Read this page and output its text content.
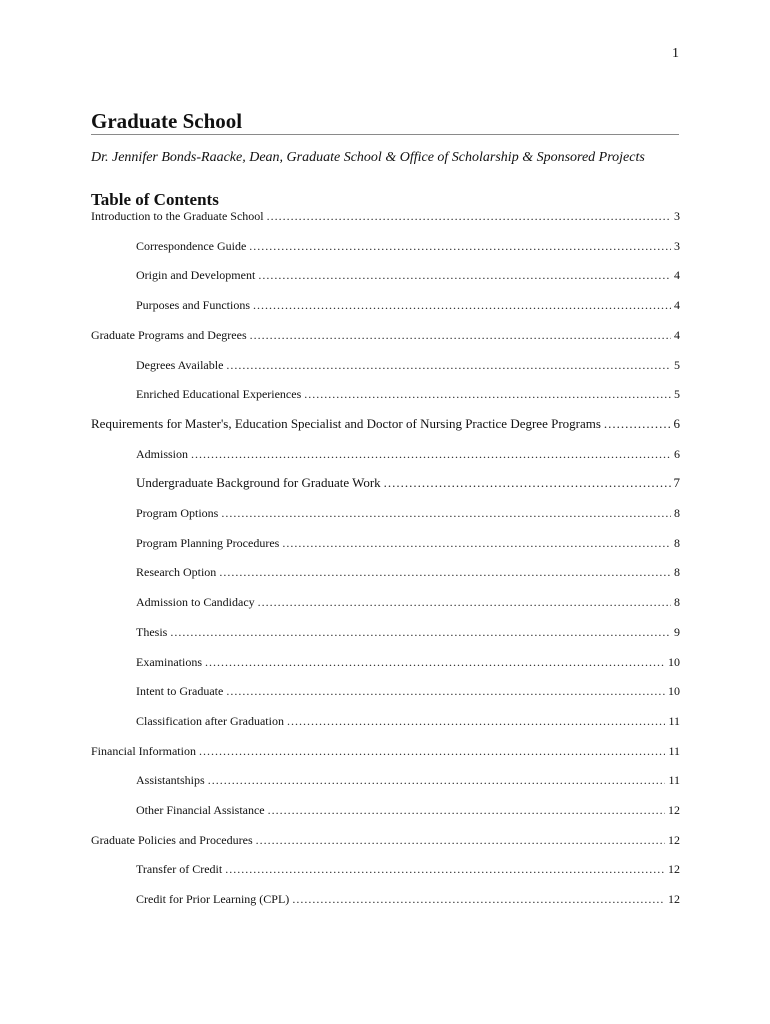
1
Graduate School
Dr. Jennifer Bonds-Raacke, Dean, Graduate School & Office of Scholarship & Sponsored Projects
Table of Contents
Introduction to the Graduate School .....	3
Correspondence Guide .....	3
Origin and Development .....	4
Purposes and Functions .....	4
Graduate Programs and Degrees .....	4
Degrees Available .....	5
Enriched Educational Experiences .....	5
Requirements for Master's, Education Specialist and Doctor of Nursing Practice Degree Programs .....	6
Admission .....	6
Undergraduate Background for Graduate Work .....	7
Program Options .....	8
Program Planning Procedures .....	8
Research Option .....	8
Admission to Candidacy .....	8
Thesis .....	9
Examinations .....	10
Intent to Graduate .....	10
Classification after Graduation .....	11
Financial Information .....	11
Assistantships .....	11
Other Financial Assistance .....	12
Graduate Policies and Procedures .....	12
Transfer of Credit .....	12
Credit for Prior Learning (CPL) .....	12
